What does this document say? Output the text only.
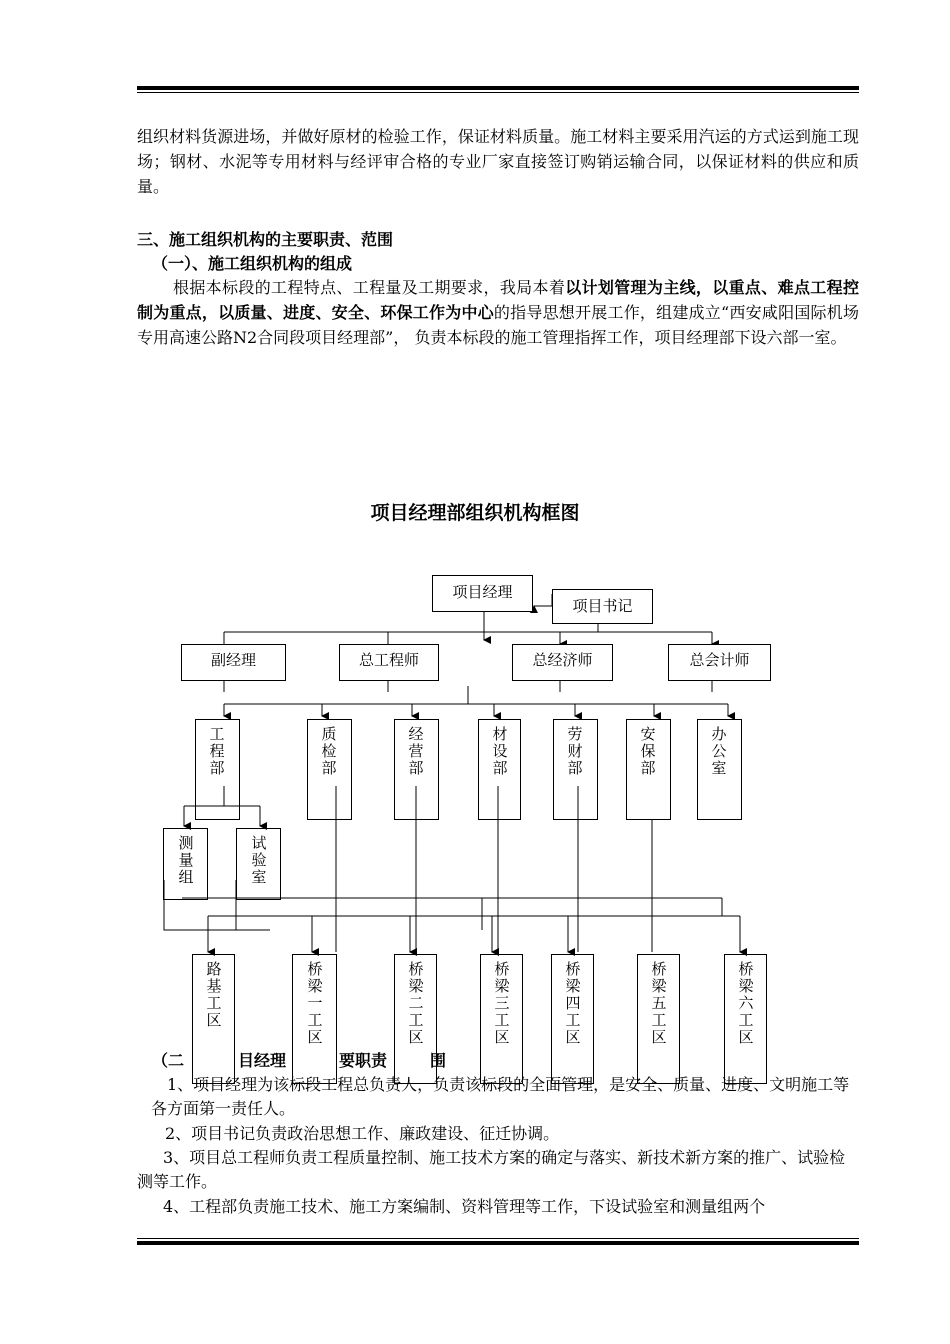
组织材料货源进场，并做好原材的检验工作，保证材料质量。施工材料主要采用汽运的方式运到施工现场；钢材、水泥等专用材料与经评审合格的专业厂家直接签订购销运输合同，以保证材料的供应和质量。
三、施工组织机构的主要职责、范围
（一）、施工组织机构的组成
根据本标段的工程特点、工程量及工期要求，我局本着以计划管理为主线，以重点、难点工程控制为重点，以质量、进度、安全、环保工作为中心的指导思想开展工作，组建成立“西安咸阳国际机场专用高速公路N2合同段项目经理部”， 负责本标段的施工管理指挥工作，项目经理部下设六部一室。
项目经理部组织机构框图
项目经理
项目书记
副经理	总工程师	总经济师	总会计师
工程部
质检部
经营部
材设部
劳财部
安保部
办公室
测量组
试验室
路基工区
桥梁一工区
桥梁二工区
桥梁三工区
桥梁四工区
桥梁五工区
桥梁六工区
（二	目经理	要职责	围
1、项目经理为该标段工程总负责人，负责该标段的全面管理，是安全、质量、进度、文明施工等各方面第一责任人。
2、项目书记负责政治思想工作、廉政建设、征迁协调。
3、项目总工程师负责工程质量控制、施工技术方案的确定与落实、新技术新方案的推广、试验检测等工作。
4、工程部负责施工技术、施工方案编制、资料管理等工作，下设试验室和测量组两个
